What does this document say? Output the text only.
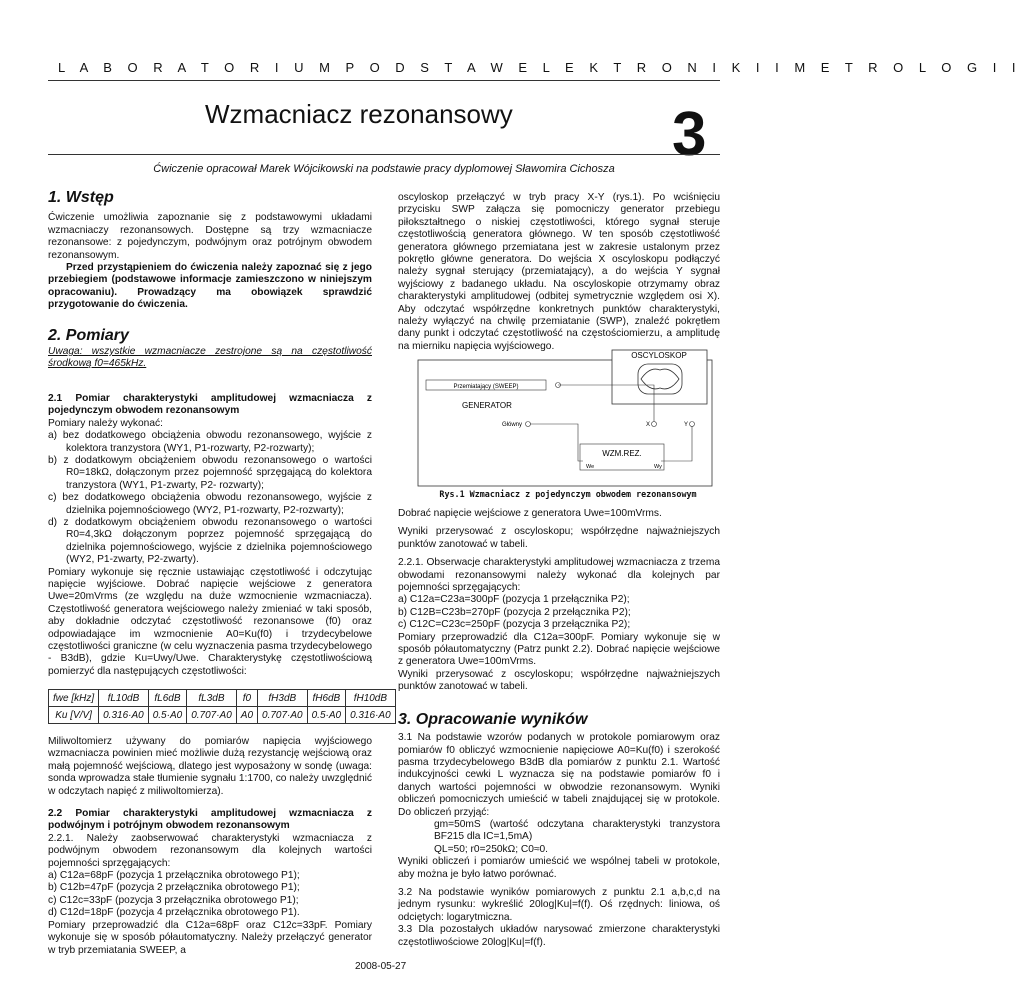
L A B O R A T O R I U M P O D S T A W E L E K T R O N I K I I M E T R O L O G I I
Wzmacniacz rezonansowy	3
Ćwiczenie opracował Marek Wójcikowski na podstawie pracy dyplomowej Sławomira Cichosza

1. Wstęp

Ćwiczenie umożliwia zapoznanie się z podstawowymi układami wzmacniaczy rezonansowych. Dostępne są trzy wzmacniacze rezonansowe: z pojedynczym, podwójnym oraz potrójnym obwodem rezonansowym.

Przed przystąpieniem do ćwiczenia należy zapoznać się z jego przebiegiem (podstawowe informacje zamieszczono w niniejszym opracowaniu). Prowadzący ma obowiązek sprawdzić przygotowanie do ćwiczenia.

2. Pomiary

Uwaga: wszystkie wzmacniacze zestrojone są na częstotliwość środkową f0=465kHz.

2.1 Pomiar charakterystyki amplitudowej wzmacniacza z pojedynczym obwodem rezonansowym

Pomiary należy wykonać:

a) bez dodatkowego obciążenia obwodu rezonansowego, wyjście z kolektora tranzystora (WY1, P1-rozwarty, P2-rozwarty);

b) z dodatkowym obciążeniem obwodu rezonansowego o wartości R0=18kΩ, dołączonym przez pojemność sprzęgającą do kolektora tranzystora (WY1, P1-zwarty, P2- rozwarty);

c) bez dodatkowego obciążenia obwodu rezonansowego, wyjście z dzielnika pojemnościowego (WY2, P1-rozwarty, P2-rozwarty);

d) z dodatkowym obciążeniem obwodu rezonansowego o wartości R0=4,3kΩ dołączonym poprzez pojemność sprzęgającą do dzielnika pojemnościowego, wyjście z dzielnika pojemnościowego (WY2, P1-zwarty, P2-zwarty).

Pomiary wykonuje się ręcznie ustawiając częstotliwość i odczytując napięcie wyjściowe. Dobrać napięcie wejściowe z generatora Uwe=20mVrms (ze względu na duże wzmocnienie wzmacniacza). Częstotliwość generatora wejściowego należy zmieniać w taki sposób, aby dokładnie odczytać częstotliwość rezonansowe (f0) oraz odpowiadające im wzmocnienie A0=Ku(f0) i trzydecybelowe częstotliwości graniczne (w celu wyznaczenia pasma trzydecybelowego - B3dB), gdzie Ku=Uwy/Uwe. Charakterystykę częstotliwościową pomierzyć dla następujących częstotliwości:

fwe [kHz]	fL10dB	fL6dB	fL3dB	f0	fH3dB	fH6dB	fH10dB
Ku [V/V]	0.316·A0	0.5·A0	0.707·A0	A0	0.707·A0	0.5·A0	0.316·A0

Miliwoltomierz używany do pomiarów napięcia wyjściowego wzmacniacza powinien mieć możliwie dużą rezystancję wejściową oraz małą pojemność wejściową, dlatego jest wyposażony w sondę (uwaga: sonda wprowadza stałe tłumienie sygnału 1:1700, co należy uwzględnić w odczytach napięć z miliwoltomierza).

2.2 Pomiar charakterystyki amplitudowej wzmacniacza z podwójnym i potrójnym obwodem rezonansowym

2.2.1. Należy zaobserwować charakterystyki wzmacniacza z podwójnym obwodem rezonansowym dla kolejnych wartości pojemności sprzęgających:

a) C12a=68pF (pozycja 1 przełącznika obrotowego P1);

b) C12b=47pF (pozycja 2 przełącznika obrotowego P1);

c) C12c=33pF (pozycja 3 przełącznika obrotowego P1);

d) C12d=18pF (pozycja 4 przełącznika obrotowego P1).

Pomiary przeprowadzić dla C12a=68pF oraz C12c=33pF. Pomiary wykonuje się w sposób półautomatyczny. Należy przełączyć generator w tryb przemiatania SWEEP, a

oscyloskop przełączyć w tryb pracy X-Y (rys.1). Po wciśnięciu przycisku SWP załącza się pomocniczy generator przebiegu piłokształtnego o niskiej częstotliwości, którego sygnał steruje częstotliwością generatora głównego. W ten sposób częstotliwość generatora głównego przemiatana jest w zakresie ustalonym przez pokrętło główne generatora. Do wejścia X oscyloskopu podłączyć należy sygnał sterujący (przemiatający), a do wejścia Y sygnał wyjściowy z badanego układu. Na oscyloskopie otrzymamy obraz charakterystyki amplitudowej (odbitej symetrycznie względem osi X). Aby odczytać współrzędne konkretnych punktów charakterystyki, należy wyłączyć na chwilę przemiatanie (SWP), znaleźć pokrętłem dany punkt i odczytać częstotliwość na częstościomierzu, a amplitudę na mierniku napięcia wyjściowego.

OSCYLOSKOP
Przemiatający (SWEEP)
GENERATOR
Główny	X	Y
WZM.REZ.
We	Wy
Rys.1 Wzmacniacz z pojedynczym obwodem rezonansowym

Dobrać napięcie wejściowe z generatora Uwe=100mVrms.

Wyniki przerysować z oscyloskopu; współrzędne najważniejszych punktów zanotować w tabeli.

2.2.1. Obserwacje charakterystyki amplitudowej wzmacniacza z trzema obwodami rezonansowymi należy wykonać dla kolejnych par pojemności sprzęgających:

a) C12a=C23a=300pF (pozycja 1 przełącznika P2);

b) C12B=C23b=270pF (pozycja 2 przełącznika P2);

c) C12C=C23c=250pF (pozycja 3 przełącznika P2);

Pomiary przeprowadzić dla C12a=300pF. Pomiary wykonuje się w sposób półautomatyczny (Patrz punkt 2.2). Dobrać napięcie wejściowe z generatora Uwe=100mVrms.

Wyniki przerysować z oscyloskopu; współrzędne najważniejszych punktów zanotować w tabeli.

3. Opracowanie wyników

3.1 Na podstawie wzorów podanych w protokole pomiarowym oraz pomiarów f0 obliczyć wzmocnienie napięciowe A0=Ku(f0) i szerokość pasma trzydecybelowego B3dB dla pomiarów z punktu 2.1. Wartość indukcyjności cewki L wyznacza się na podstawie pomiarów f0 i danych wartości pojemności w obwodzie rezonansowym. Wyniki obliczeń pomocniczych umieścić w tabeli znajdującej się w protokole. Do obliczeń przyjąć:

gm=50mS (wartość odczytana charakterystyki tranzystora BF215 dla IC=1,5mA)

QL=50; r0=250kΩ; C0≈0.

Wyniki obliczeń i pomiarów umieścić we wspólnej tabeli w protokole, aby można je było łatwo porównać.

3.2 Na podstawie wyników pomiarowych z punktu 2.1 a,b,c,d na jednym rysunku: wykreślić 20log|Ku|=f(f). Oś rzędnych: liniowa, oś odciętych: logarytmiczna.

3.3 Dla pozostałych układów narysować zmierzone charakterystyki częstotliwościowe 20log|Ku|=f(f).

2008-05-27
